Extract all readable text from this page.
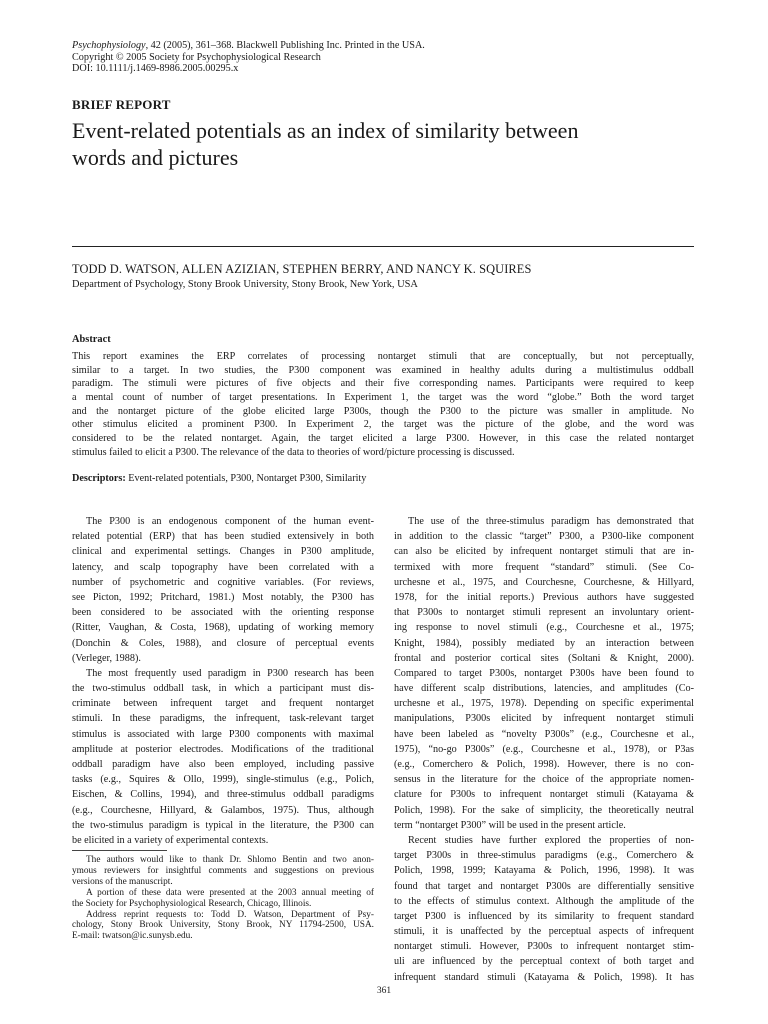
Psychophysiology, 42 (2005), 361–368. Blackwell Publishing Inc. Printed in the USA.
Copyright © 2005 Society for Psychophysiological Research
DOI: 10.1111/j.1469-8986.2005.00295.x
BRIEF REPORT
Event-related potentials as an index of similarity between
words and pictures
TODD D. WATSON, ALLEN AZIZIAN, STEPHEN BERRY, AND NANCY K. SQUIRES
Department of Psychology, Stony Brook University, Stony Brook, New York, USA
Abstract
This report examines the ERP correlates of processing nontarget stimuli that are conceptually, but not perceptually,
similar to a target. In two studies, the P300 component was examined in healthy adults during a multistimulus oddball
paradigm. The stimuli were pictures of five objects and their five corresponding names. Participants were required to keep
a mental count of number of target presentations. In Experiment 1, the target was the word “globe.” Both the word target
and the nontarget picture of the globe elicited large P300s, though the P300 to the picture was smaller in amplitude. No
other stimulus elicited a prominent P300. In Experiment 2, the target was the picture of the globe, and the word was
considered to be the related nontarget. Again, the target elicited a large P300. However, in this case the related nontarget
stimulus failed to elicit a P300. The relevance of the data to theories of word/picture processing is discussed.
Descriptors: Event-related potentials, P300, Nontarget P300, Similarity
The P300 is an endogenous component of the human event-
related potential (ERP) that has been studied extensively in both
clinical and experimental settings. Changes in P300 amplitude,
latency, and scalp topography have been correlated with a
number of psychometric and cognitive variables. (For reviews,
see Picton, 1992; Pritchard, 1981.) Most notably, the P300 has
been considered to be associated with the orienting response
(Ritter, Vaughan, & Costa, 1968), updating of working memory
(Donchin & Coles, 1988), and closure of perceptual events
(Verleger, 1988).
The most frequently used paradigm in P300 research has been
the two-stimulus oddball task, in which a participant must dis-
criminate between infrequent target and frequent nontarget
stimuli. In these paradigms, the infrequent, task-relevant target
stimulus is associated with large P300 components with maximal
amplitude at posterior electrodes. Modifications of the traditional
oddball paradigm have also been employed, including passive
tasks (e.g., Squires & Ollo, 1999), single-stimulus (e.g., Polich,
Eischen, & Collins, 1994), and three-stimulus oddball paradigms
(e.g., Courchesne, Hillyard, & Galambos, 1975). Thus, although
the two-stimulus paradigm is typical in the literature, the P300 can
be elicited in a variety of experimental contexts.
The use of the three-stimulus paradigm has demonstrated that
in addition to the classic “target” P300, a P300-like component
can also be elicited by infrequent nontarget stimuli that are in-
termixed with more frequent “standard” stimuli. (See Co-
urchesne et al., 1975, and Courchesne, Courchesne, & Hillyard,
1978, for the initial reports.) Previous authors have suggested
that P300s to nontarget stimuli represent an involuntary orient-
ing response to novel stimuli (e.g., Courchesne et al., 1975;
Knight, 1984), possibly mediated by an interaction between
frontal and posterior cortical sites (Soltani & Knight, 2000).
Compared to target P300s, nontarget P300s have been found to
have different scalp distributions, latencies, and amplitudes (Co-
urchesne et al., 1975, 1978). Depending on specific experimental
manipulations, P300s elicited by infrequent nontarget stimuli
have been labeled as “novelty P300s” (e.g., Courchesne et al.,
1975), “no-go P300s” (e.g., Courchesne et al., 1978), or P3as
(e.g., Comerchero & Polich, 1998). However, there is no con-
sensus in the literature for the choice of the appropriate nomen-
clature for P300s to infrequent nontarget stimuli (Katayama &
Polich, 1998). For the sake of simplicity, the theoretically neutral
term “nontarget P300” will be used in the present article.
Recent studies have further explored the properties of non-
target P300s in three-stimulus paradigms (e.g., Comerchero &
Polich, 1998, 1999; Katayama & Polich, 1996, 1998). It was
found that target and nontarget P300s are differentially sensitive
to the effects of stimulus context. Although the amplitude of the
target P300 is influenced by its similarity to frequent standard
stimuli, it is unaffected by the perceptual aspects of infrequent
nontarget stimuli. However, P300s to infrequent nontarget stim-
uli are influenced by the perceptual context of both target and
infrequent standard stimuli (Katayama & Polich, 1998). It has
The authors would like to thank Dr. Shlomo Bentin and two anon-
ymous reviewers for insightful comments and suggestions on previous
versions of the manuscript.
A portion of these data were presented at the 2003 annual meeting of
the Society for Psychophysiological Research, Chicago, Illinois.
Address reprint requests to: Todd D. Watson, Department of Psy-
chology, Stony Brook University, Stony Brook, NY 11794-2500, USA.
E-mail: twatson@ic.sunysb.edu.
361
